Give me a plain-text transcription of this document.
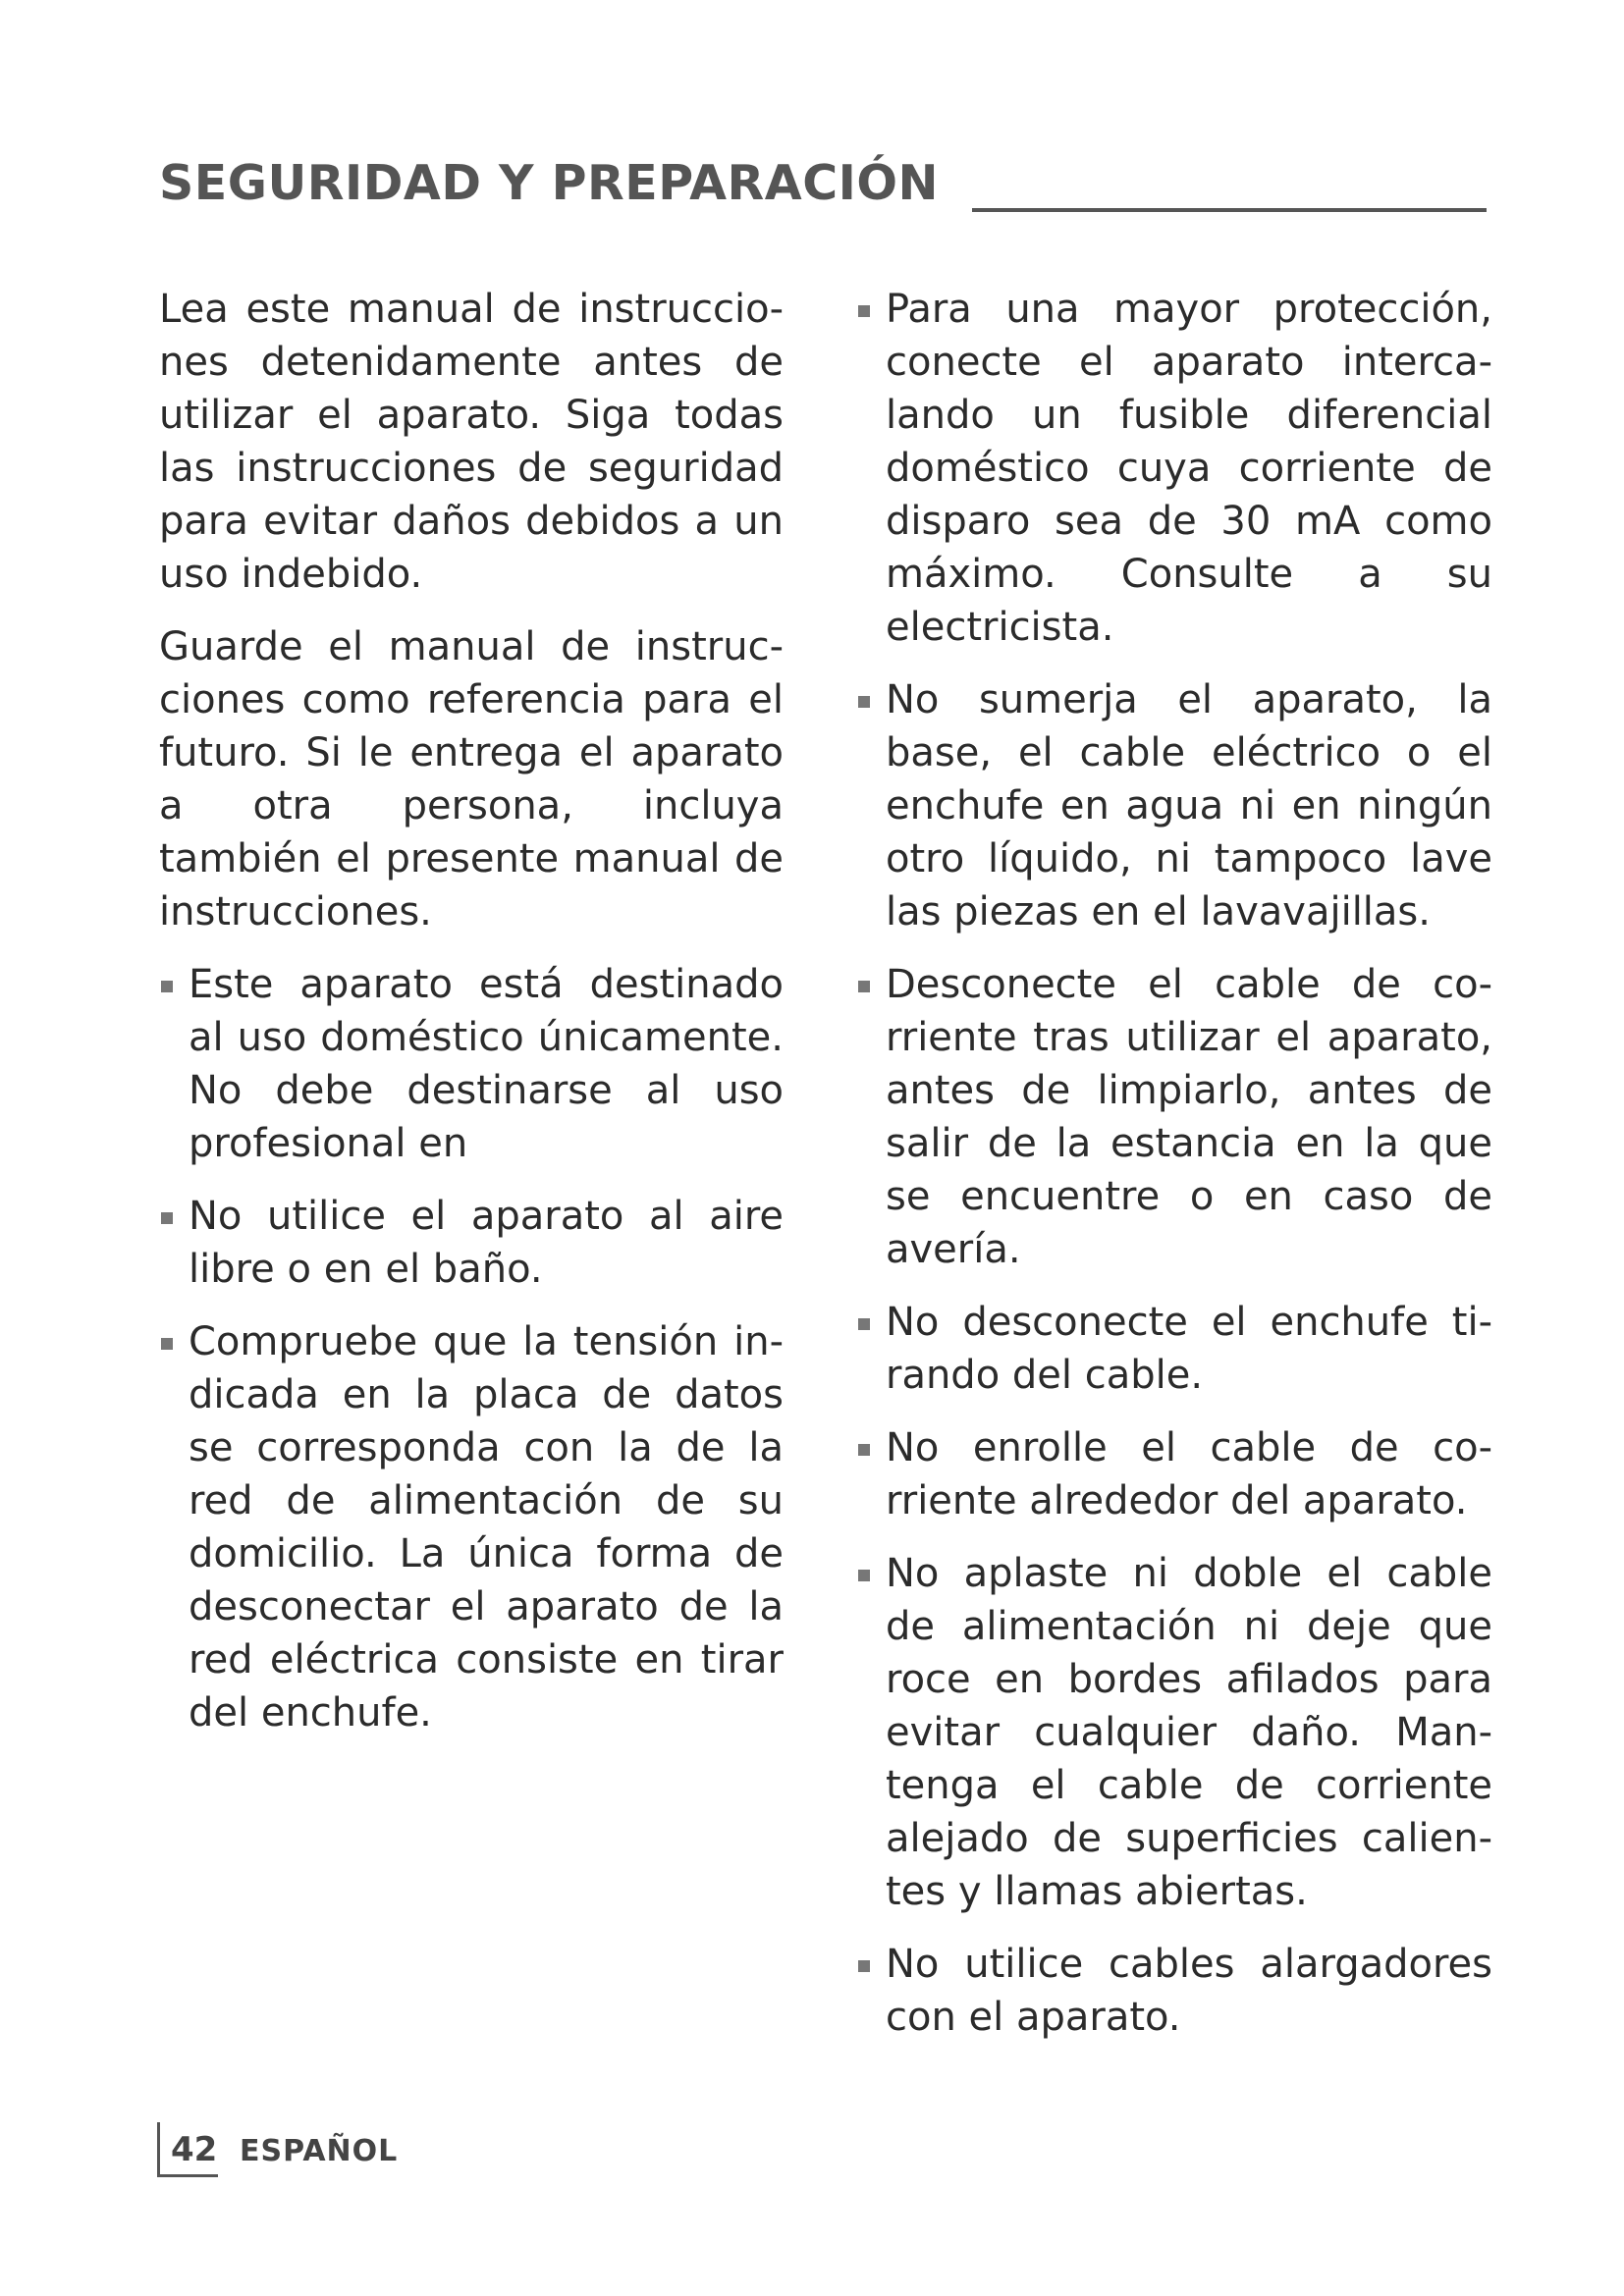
SEGURIDAD Y PREPARACIÓN

Lea este manual de instrucciones detenidamente antes de utilizar el aparato. Siga todas las instrucciones de seguridad para evitar daños debidos a un uso indebido.

Guarde el manual de instrucciones como referencia para el futuro. Si le entrega el aparato a otra persona, incluya también el presente manual de instrucciones.

Este aparato está destinado al uso doméstico únicamente. No debe destinarse al uso profesional en
No utilice el aparato al aire libre o en el baño.
Compruebe que la tensión indicada en la placa de datos se corresponda con la de la red de alimentación de su domicilio. La única forma de desconectar el aparato de la red eléctrica consiste en tirar del enchufe.
Para una mayor protección, conecte el aparato intercalando un fusible diferencial doméstico cuya corriente de disparo sea de 30 mA como máximo. Consulte a su electricista.
No sumerja el aparato, la base, el cable eléctrico o el enchufe en agua ni en ningún otro líquido, ni tampoco lave las piezas en el lavavajillas.
Desconecte el cable de corriente tras utilizar el aparato, antes de limpiarlo, antes de salir de la estancia en la que se encuentre o en caso de avería.
No desconecte el enchufe tirando del cable.
No enrolle el cable de corriente alrededor del aparato.
No aplaste ni doble el cable de alimentación ni deje que roce en bordes afilados para evitar cualquier daño. Mantenga el cable de corriente alejado de superficies calientes y llamas abiertas.
No utilice cables alargadores con el aparato.
42 ESPAÑOL
